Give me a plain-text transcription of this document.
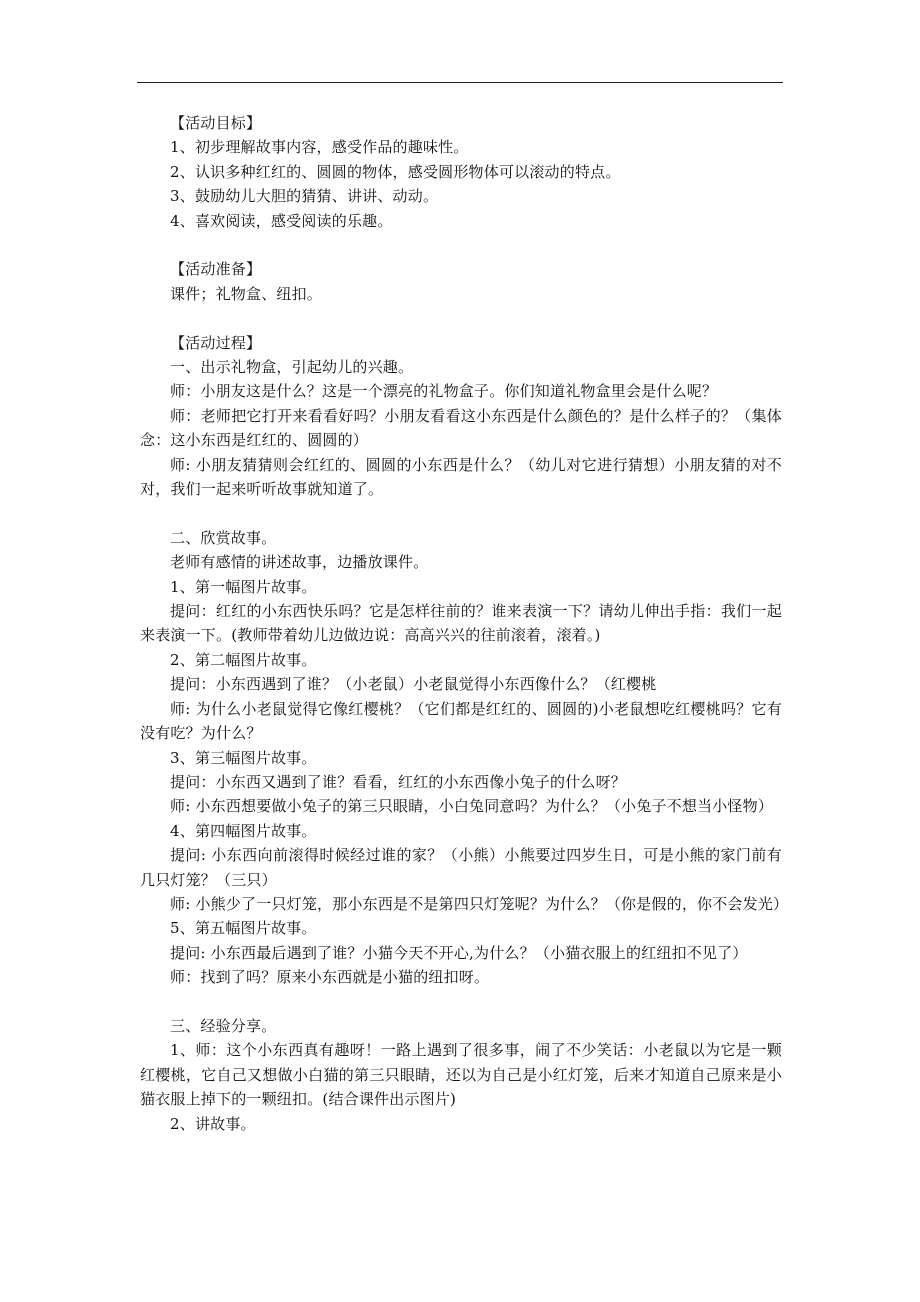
【活动目标】

1、初步理解故事内容，感受作品的趣味性。

2、认识多种红红的、圆圆的物体，感受圆形物体可以滚动的特点。

3、鼓励幼儿大胆的猜猜、讲讲、动动。

4、喜欢阅读，感受阅读的乐趣。

【活动准备】

课件；礼物盒、纽扣。

【活动过程】

一、出示礼物盒，引起幼儿的兴趣。

师：小朋友这是什么？这是一个漂亮的礼物盒子。你们知道礼物盒里会是什么呢？

师：老师把它打开来看看好吗？小朋友看看这小东西是什么颜色的？是什么样子的？（集体念：这小东西是红红的、圆圆的）

师: 小朋友猜猜则会红红的、圆圆的小东西是什么？（幼儿对它进行猜想）小朋友猜的对不对，我们一起来听听故事就知道了。

二、欣赏故事。

老师有感情的讲述故事，边播放课件。

1、第一幅图片故事。

提问：红红的小东西快乐吗？它是怎样往前的？谁来表演一下？请幼儿伸出手指：我们一起来表演一下。(教师带着幼儿边做边说：高高兴兴的往前滚着，滚着。)

2、第二幅图片故事。

提问：小东西遇到了谁？（小老鼠）小老鼠觉得小东西像什么？（红樱桃

师: 为什么小老鼠觉得它像红樱桃？（它们都是红红的、圆圆的)小老鼠想吃红樱桃吗？它有没有吃？为什么？

3、第三幅图片故事。

提问：小东西又遇到了谁？看看，红红的小东西像小兔子的什么呀？

师: 小东西想要做小兔子的第三只眼睛，小白兔同意吗？为什么？（小兔子不想当小怪物）

4、第四幅图片故事。

提问: 小东西向前滚得时候经过谁的家？（小熊）小熊要过四岁生日，可是小熊的家门前有几只灯笼？（三只）

师: 小熊少了一只灯笼，那小东西是不是第四只灯笼呢？为什么？（你是假的，你不会发光）

5、第五幅图片故事。

提问: 小东西最后遇到了谁？小猫今天不开心,为什么？（小猫衣服上的红纽扣不见了）

师：找到了吗？原来小东西就是小猫的纽扣呀。

三、经验分享。

1、师：这个小东西真有趣呀！一路上遇到了很多事，闹了不少笑话：小老鼠以为它是一颗红樱桃，它自己又想做小白猫的第三只眼睛，还以为自己是小红灯笼，后来才知道自己原来是小猫衣服上掉下的一颗纽扣。(结合课件出示图片)

2、讲故事。
